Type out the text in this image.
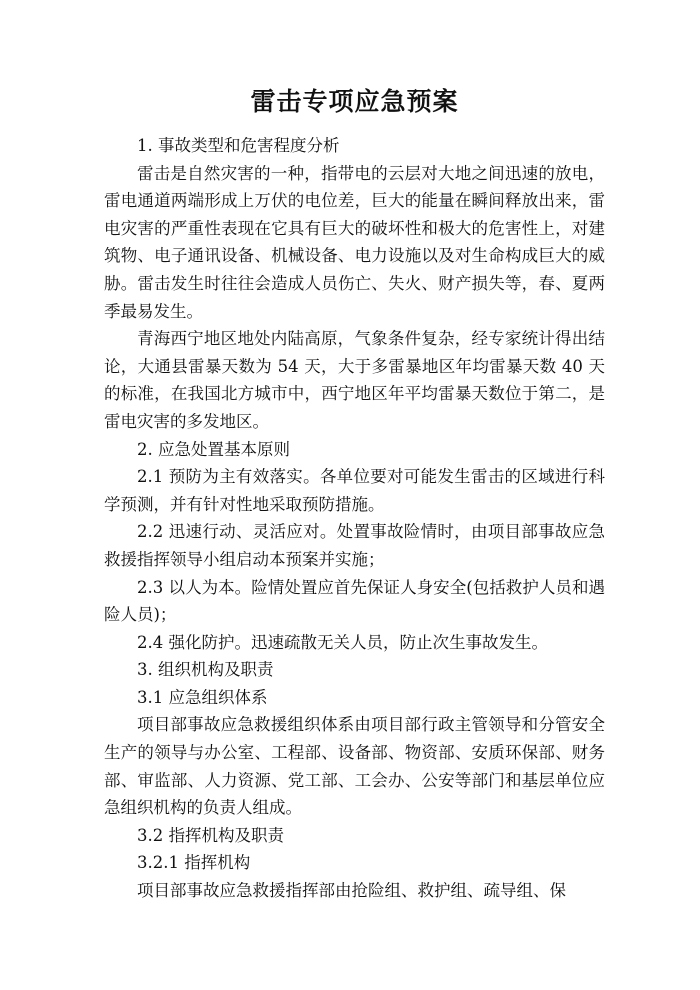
雷击专项应急预案

1. 事故类型和危害程度分析

雷击是自然灾害的一种，指带电的云层对大地之间迅速的放电，雷电通道两端形成上万伏的电位差，巨大的能量在瞬间释放出来，雷电灾害的严重性表现在它具有巨大的破坏性和极大的危害性上，对建筑物、电子通讯设备、机械设备、电力设施以及对生命构成巨大的威胁。雷击发生时往往会造成人员伤亡、失火、财产损失等，春、夏两季最易发生。

青海西宁地区地处内陆高原，气象条件复杂，经专家统计得出结论，大通县雷暴天数为 54 天，大于多雷暴地区年均雷暴天数 40 天的标准，在我国北方城市中，西宁地区年平均雷暴天数位于第二，是雷电灾害的多发地区。

2. 应急处置基本原则

2.1 预防为主有效落实。各单位要对可能发生雷击的区域进行科学预测，并有针对性地采取预防措施。

2.2 迅速行动、灵活应对。处置事故险情时，由项目部事故应急救援指挥领导小组启动本预案并实施；

2.3 以人为本。险情处置应首先保证人身安全(包括救护人员和遇险人员)；

2.4 强化防护。迅速疏散无关人员，防止次生事故发生。

3. 组织机构及职责

3.1 应急组织体系

项目部事故应急救援组织体系由项目部行政主管领导和分管安全生产的领导与办公室、工程部、设备部、物资部、安质环保部、财务部、审监部、人力资源、党工部、工会办、公安等部门和基层单位应急组织机构的负责人组成。

3.2 指挥机构及职责

3.2.1 指挥机构

项目部事故应急救援指挥部由抢险组、救护组、疏导组、保
